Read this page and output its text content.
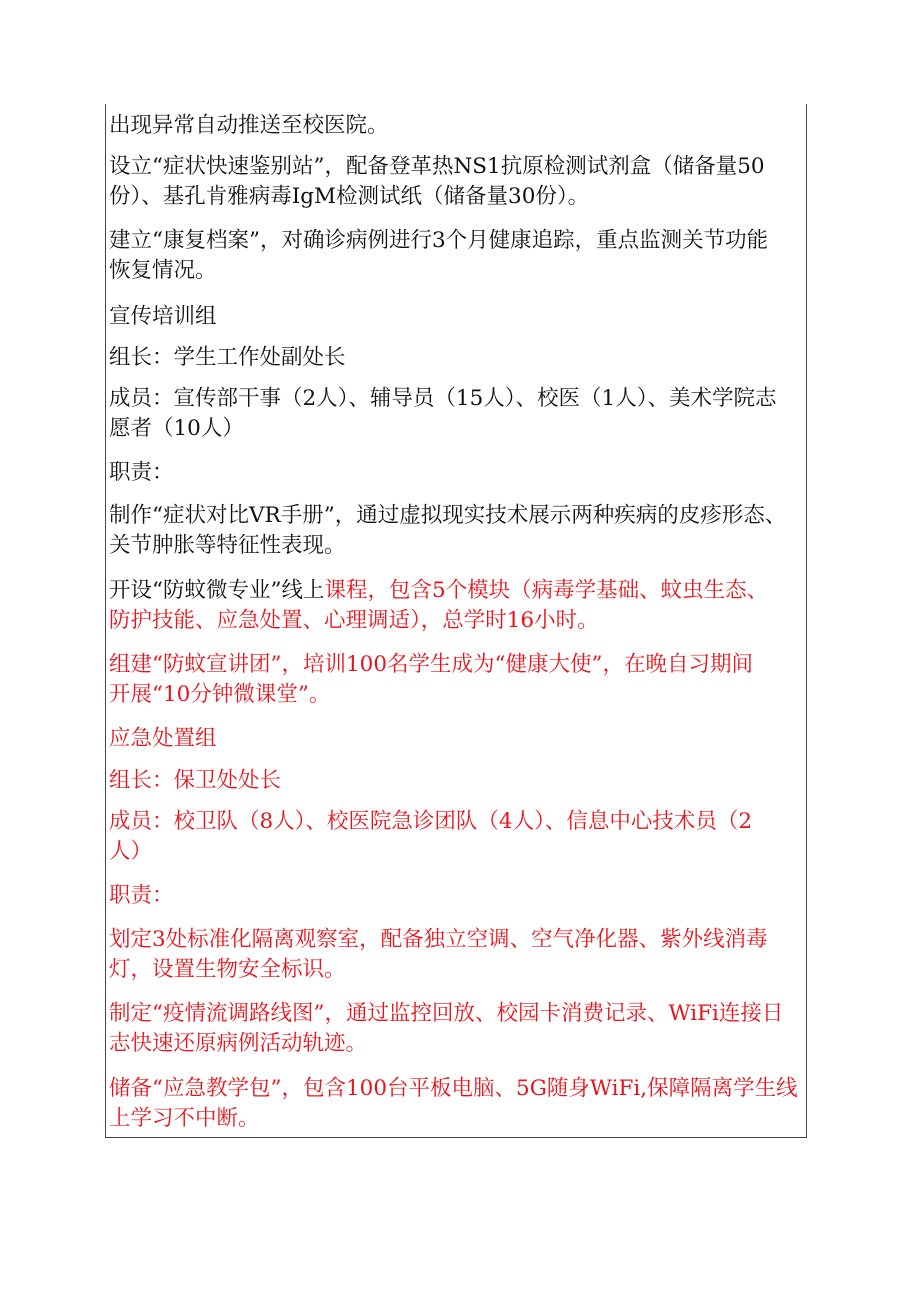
出现异常自动推送至校医院。
设立“症状快速鉴别站”，配备登革热NS1抗原检测试剂盒（储备量50
份）、基孔肯雅病毒IgM检测试纸（储备量30份）。
建立“康复档案”，对确诊病例进行3个月健康追踪，重点监测关节功能
恢复情况。
宣传培训组
组长：学生工作处副处长
成员：宣传部干事（2人）、辅导员（15人）、校医（1人）、美术学院志
愿者（10人）
职责：
制作“症状对比VR手册”，通过虚拟现实技术展示两种疾病的皮疹形态、
关节肿胀等特征性表现。
开设“防蚊微专业”线上课程，包含5个模块（病毒学基础、蚊虫生态、
防护技能、应急处置、心理调适），总学时16小时。
组建“防蚊宣讲团”，培训100名学生成为“健康大使”，在晚自习期间
开展“10分钟微课堂”。
应急处置组
组长：保卫处处长
成员：校卫队（8人）、校医院急诊团队（4人）、信息中心技术员（2
人）
职责：
划定3处标准化隔离观察室，配备独立空调、空气净化器、紫外线消毒
灯，设置生物安全标识。
制定“疫情流调路线图”，通过监控回放、校园卡消费记录、WiFi连接日
志快速还原病例活动轨迹。
储备“应急教学包”，包含100台平板电脑、5G随身WiFi,保障隔离学生线
上学习不中断。
